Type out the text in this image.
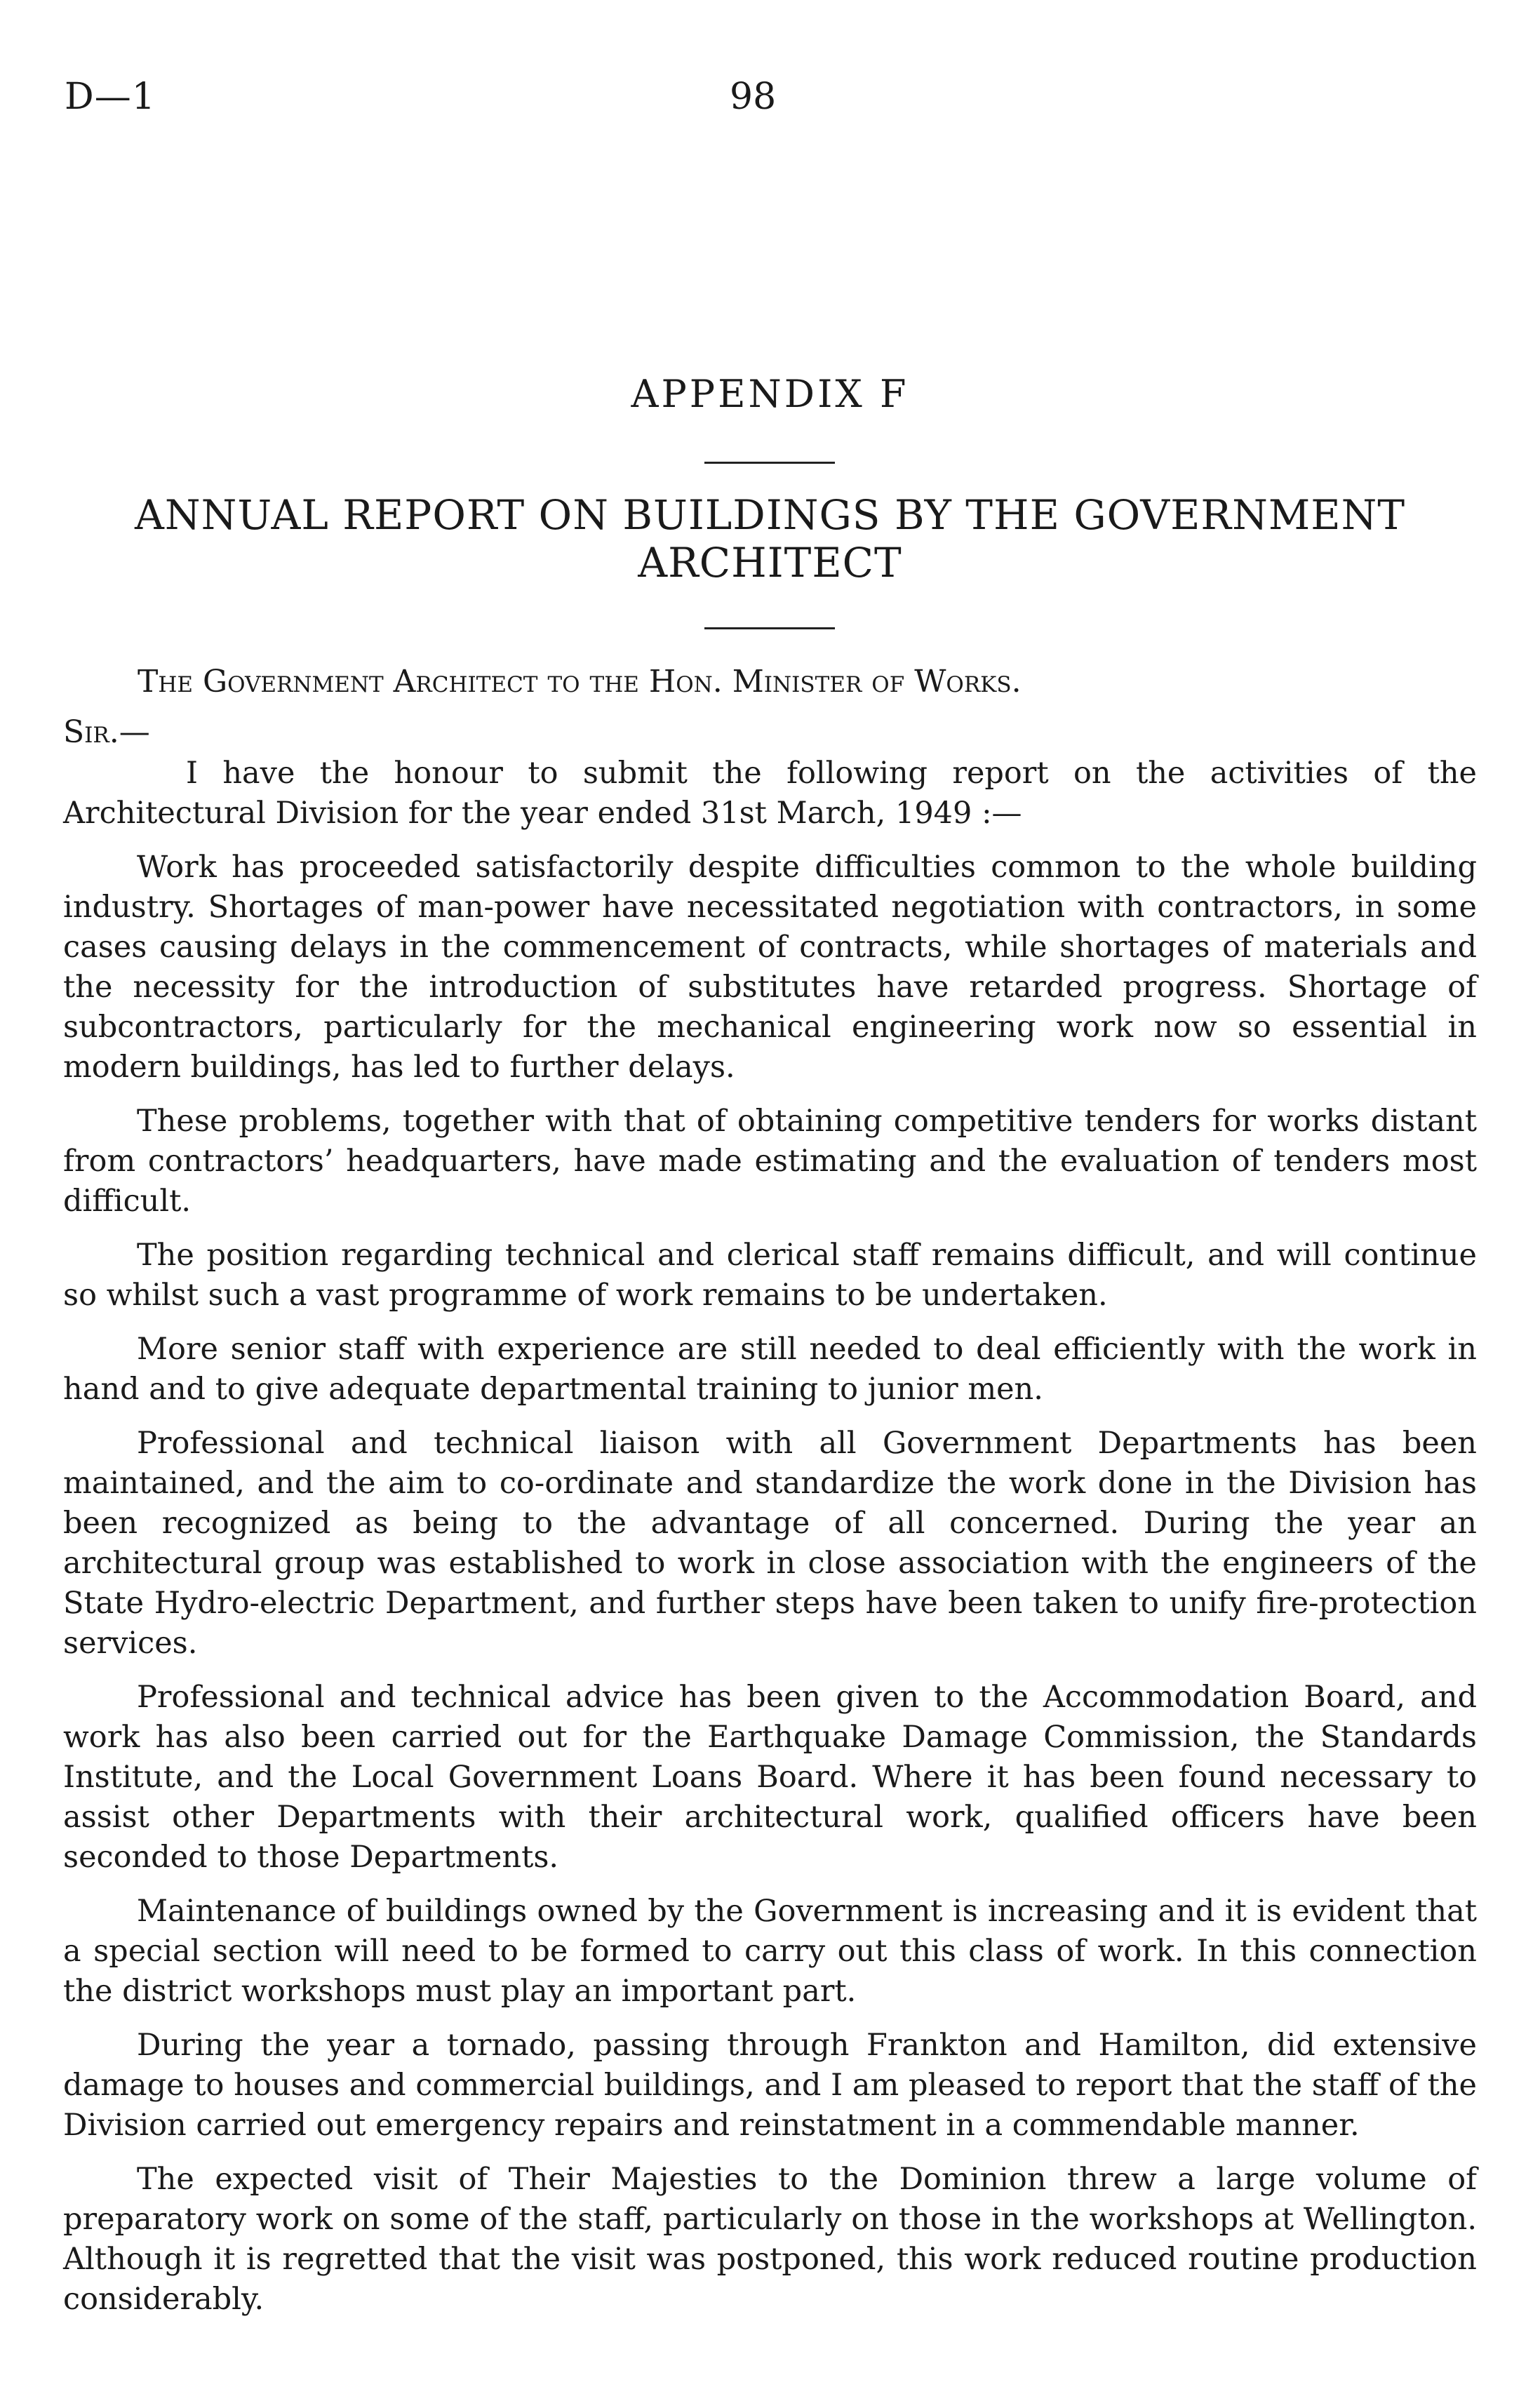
D—1	98
APPENDIX F
ANNUAL REPORT ON BUILDINGS BY THE GOVERNMENT ARCHITECT
The Government Architect to the Hon. Minister of Works.
Sir.—

I have the honour to submit the following report on the activities of the Architectural Division for the year ended 31st March, 1949 :—

Work has proceeded satisfactorily despite difficulties common to the whole building industry. Shortages of man-power have necessitated negotiation with contractors, in some cases causing delays in the commencement of contracts, while shortages of materials and the necessity for the introduction of substitutes have retarded progress. Shortage of subcontractors, particularly for the mechanical engineering work now so essential in modern buildings, has led to further delays.

These problems, together with that of obtaining competitive tenders for works distant from contractors’ headquarters, have made estimating and the evaluation of tenders most difficult.

The position regarding technical and clerical staff remains difficult, and will continue so whilst such a vast programme of work remains to be undertaken.

More senior staff with experience are still needed to deal efficiently with the work in hand and to give adequate departmental training to junior men.

Professional and technical liaison with all Government Departments has been maintained, and the aim to co-ordinate and standardize the work done in the Division has been recognized as being to the advantage of all concerned. During the year an architectural group was established to work in close association with the engineers of the State Hydro-electric Department, and further steps have been taken to unify fire-protection services.

Professional and technical advice has been given to the Accommodation Board, and work has also been carried out for the Earthquake Damage Commission, the Standards Institute, and the Local Government Loans Board. Where it has been found necessary to assist other Departments with their architectural work, qualified officers have been seconded to those Departments.

Maintenance of buildings owned by the Government is increasing and it is evident that a special section will need to be formed to carry out this class of work. In this connection the district workshops must play an important part.

During the year a tornado, passing through Frankton and Hamilton, did extensive damage to houses and commercial buildings, and I am pleased to report that the staff of the Division carried out emergency repairs and reinstatment in a commendable manner.

The expected visit of Their Majesties to the Dominion threw a large volume of preparatory work on some of the staff, particularly on those in the workshops at Wellington. Although it is regretted that the visit was postponed, this work reduced routine production considerably.
